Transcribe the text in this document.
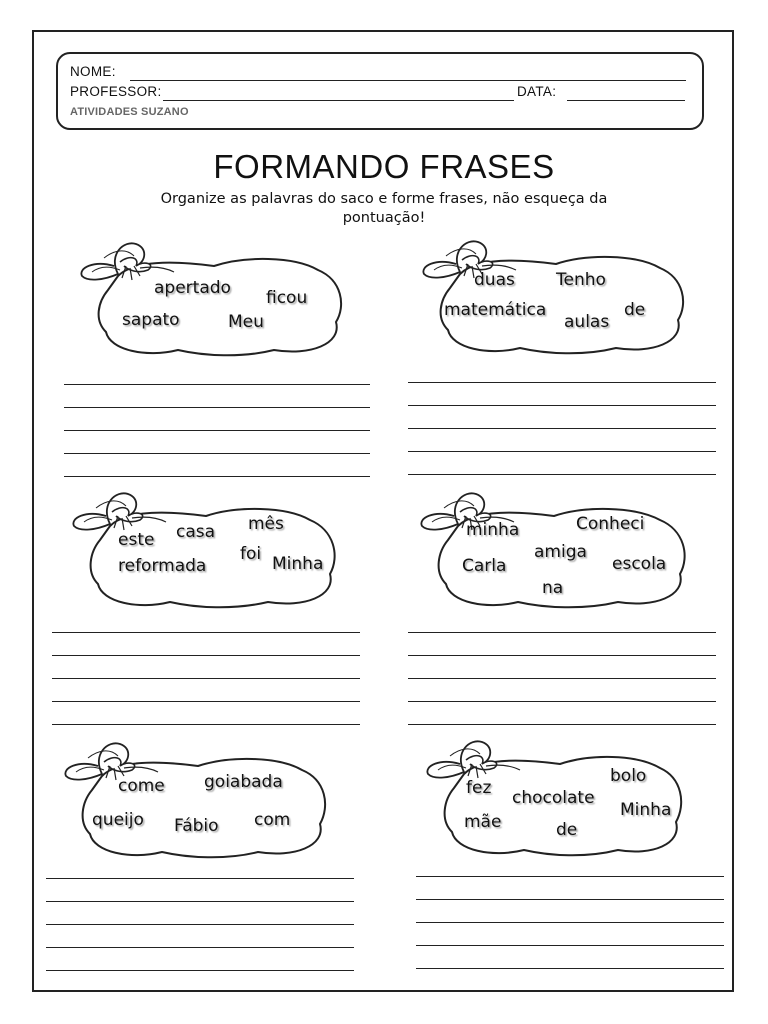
NOME:
PROFESSOR:	DATA:
ATIVIDADES SUZANO
FORMANDO FRASES
Organize as palavras do saco e forme frases, não esqueça da pontuação!
apertado ficou
sapato	Meu
duas Tenho
matemática	de
aulas
mês
casa
este
foi
reformada	Minha
Conheci
minha
amiga
Carla	escola
na
come goiabada
queijo	com
Fábio
bolo
fez chocolate
Minha
mãe	de
